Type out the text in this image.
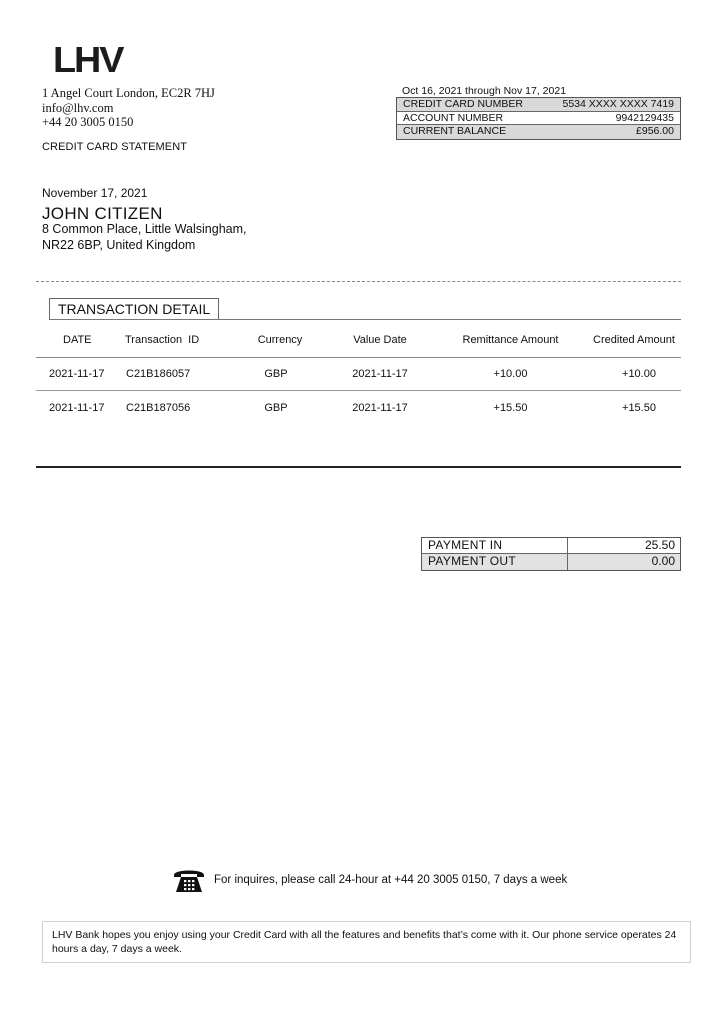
LHV
1 Angel Court London, EC2R 7HJ
info@lhv.com
+44 20 3005 0150
CREDIT CARD STATEMENT
Oct 16, 2021 through Nov 17, 2021
CREDIT CARD NUMBER	5534 XXXX XXXX 7419
ACCOUNT NUMBER	9942129435
CURRENT BALANCE	£956.00
November 17, 2021
JOHN CITIZEN
8 Common Place, Little Walsingham,
NR22 6BP, United Kingdom
TRANSACTION DETAIL
DATE	Transaction  ID	Currency	Value Date	Remittance Amount	Credited Amount
2021-11-17	C21B186057	GBP	2021-11-17	+10.00	+10.00
2021-11-17	C21B187056	GBP	2021-11-17	+15.50	+15.50
PAYMENT IN	25.50
PAYMENT OUT	0.00
For inquires, please call 24-hour at +44 20 3005 0150, 7 days a week
LHV Bank hopes you enjoy using your Credit Card with all the features and benefits that’s come with it. Our phone service operates 24 hours a day, 7 days a week.
